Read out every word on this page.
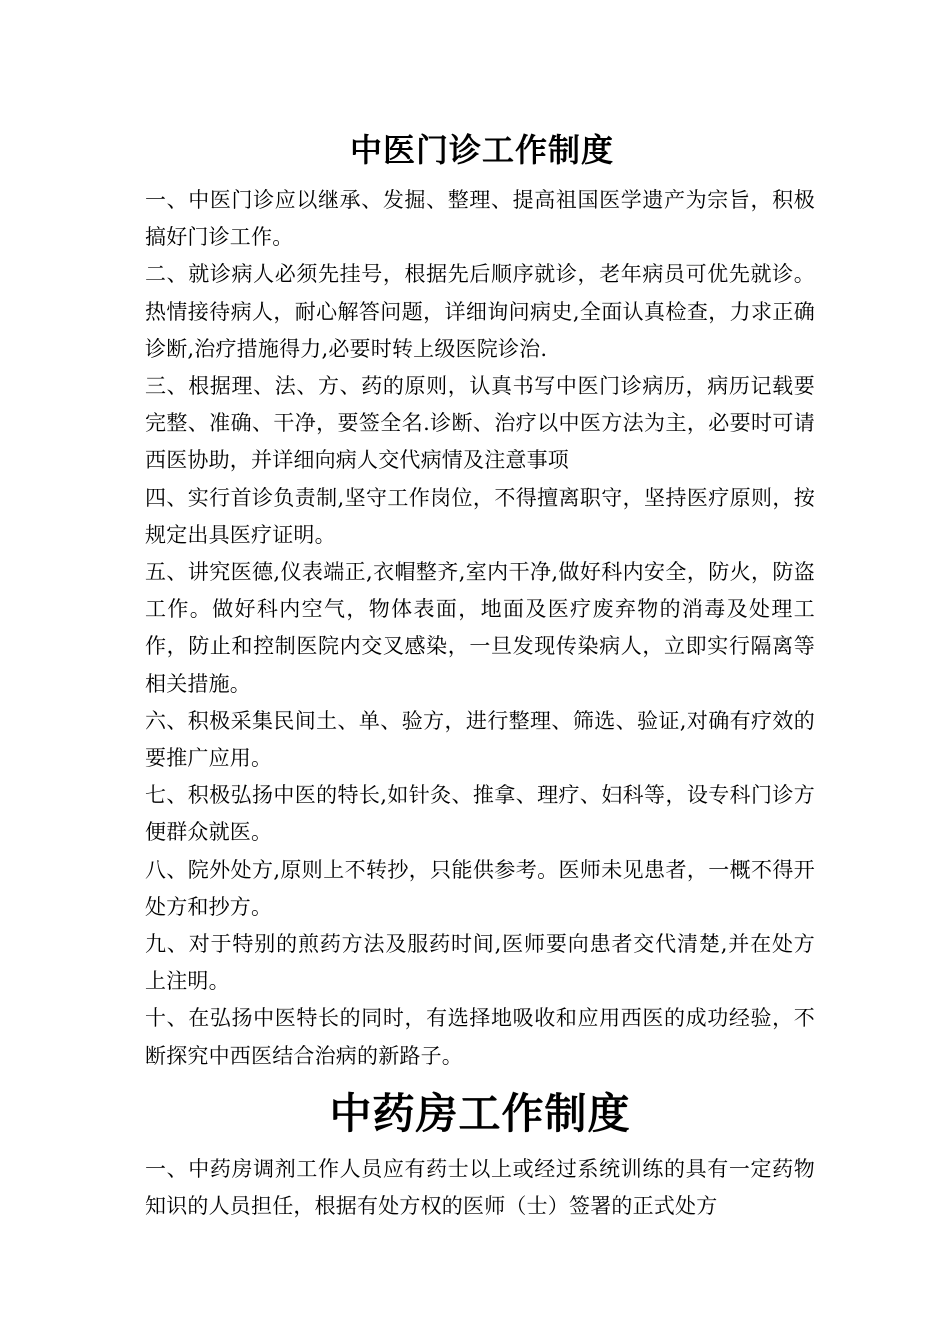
中医门诊工作制度

一、中医门诊应以继承、发掘、整理、提高祖国医学遗产为宗旨，积极搞好门诊工作。

二、就诊病人必须先挂号，根据先后顺序就诊，老年病员可优先就诊。热情接待病人，耐心解答问题，详细询问病史,全面认真检查，力求正确诊断,治疗措施得力,必要时转上级医院诊治.

三、根据理、法、方、药的原则，认真书写中医门诊病历，病历记载要完整、准确、干净，要签全名.诊断、治疗以中医方法为主，必要时可请西医协助，并详细向病人交代病情及注意事项

四、实行首诊负责制,坚守工作岗位，不得擅离职守，坚持医疗原则，按规定出具医疗证明。

五、讲究医德,仪表端正,衣帽整齐,室内干净,做好科内安全，防火，防盗工作。做好科内空气，物体表面，地面及医疗废弃物的消毒及处理工作，防止和控制医院内交叉感染，一旦发现传染病人，立即实行隔离等相关措施。

六、积极采集民间土、单、验方，进行整理、筛选、验证,对确有疗效的要推广应用。

七、积极弘扬中医的特长,如针灸、推拿、理疗、妇科等，设专科门诊方便群众就医。

八、院外处方,原则上不转抄，只能供参考。医师未见患者，一概不得开处方和抄方。

九、对于特别的煎药方法及服药时间,医师要向患者交代清楚,并在处方上注明。

十、在弘扬中医特长的同时，有选择地吸收和应用西医的成功经验，不断探究中西医结合治病的新路子。

中药房工作制度

一、中药房调剂工作人员应有药士以上或经过系统训练的具有一定药物知识的人员担任，根据有处方权的医师（士）签署的正式处方
